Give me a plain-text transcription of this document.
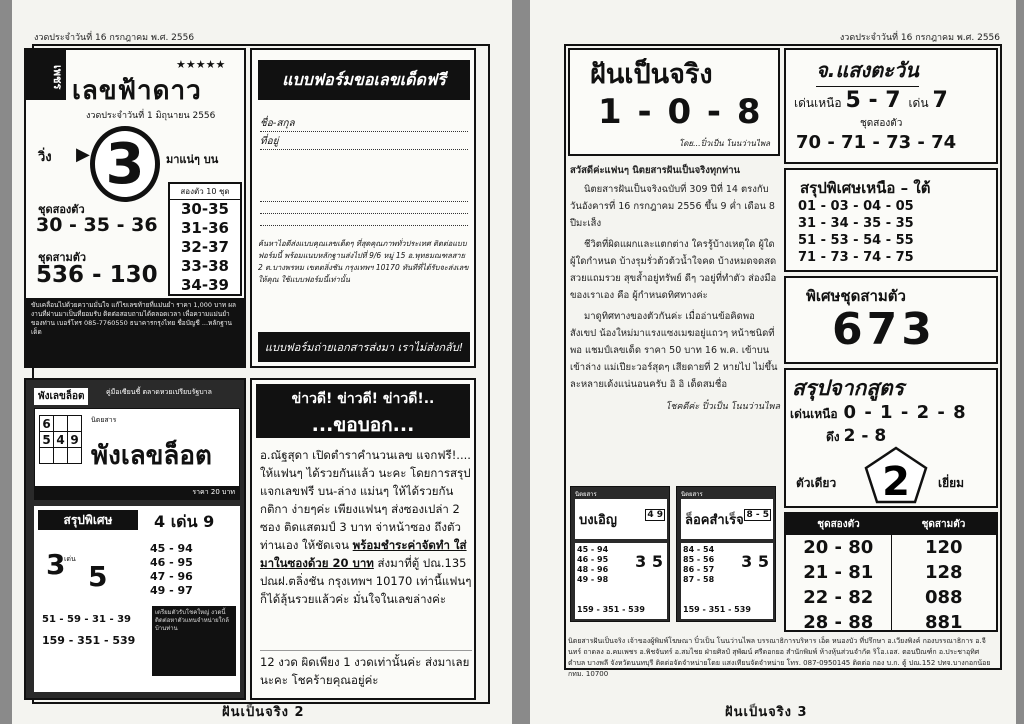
งวดประจำวันที่ 16 กรกฎาคม พ.ศ. 2556
เพชร
★★★★★
เลขฟ้าดาว
งวดประจำวันที่ 1 มิถุนายน 2556
วิ่ง ▶ 3	มาแน่ๆ บน
สองตัว 10 ชุด
30-35
31-36
32-37
33-38
34-39
ชุดสองตัว
30 - 35 - 36
ชุดสามตัว
536 - 130
ขับเคลื่อนไปด้วยความมั่นใจ แก้ไขเลขท้ายที่แม่นยำ ราคา 1,000 บาท ผลงานที่ผ่านมาเป็นที่ยอมรับ ติดต่อสอบถามได้ตลอดเวลา เพื่อความแม่นยำของท่าน เบอร์โทร 085-7760550 ธนาคารกรุงไทย ชื่อบัญชี ...หลักฐานเด็ด
แบบฟอร์มขอเลขเด็ดฟรี
ชื่อ-สกุล
ที่อยู่
ค้นหาไอดีส่งแบบคุณเลขเด็ดๆ ที่สุดคุณภาพทั่วประเทศ ติดต่อแบบฟอร์มนี้ พร้อมแนบหลักฐานส่งไปที่ 9/6 หมู่ 15 อ.พุทธมณฑลสาย 2 ต.บางพรหม เขตตลิ่งชัน กรุงเทพฯ 10170 ทันทีที่ได้รับจะส่งเลขให้คุณ ใช้แบบฟอร์มนี้เท่านั้น
แบบฟอร์มถ่ายเอกสารส่งมา เราไม่ส่งกลับ!
พังเลขล็อต	คู่มือเซียนชี้ ตลาดหวยเปรียบรัฐบาล
6		
5	4	9

นิตยสาร
พังเลขล็อต
ราคา 20 บาท
สรุปพิเศษ
3
เด่น
5
4 เด่น 9
45 - 94
46 - 95
47 - 96
49 - 97
51 - 59 - 31 - 39
159 - 351 - 539
เตรียมตัวรับโชคใหญ่ งวดนี้ติดต่อหาตัวแทนจำหน่ายใกล้บ้านท่าน
ข่าวดี! ข่าวดี! ข่าวดี!..
...ขอบอก...
อ.ณัฐสุดา เปิดตำราคำนวนเลข แจกฟรี!.... ให้แฟนๆ ได้รวยกันแล้ว นะคะ โดยการสรุปแจกเลขฟรี บน-ล่าง แม่นๆ ให้ได้รวยกัน กติกา ง่ายๆค่ะ เพียงแฟนๆ ส่งซองเปล่า 2 ซอง ติดแสตมป์ 3 บาท จ่าหน้าซอง ถึงตัวท่านเอง ให้ชัดเจน พร้อมชำระค่าจัดทำ ใส่มาในซองด้วย 20 บาท ส่งมาที่ตู้ ปณ.135 ปณฝ.ตลิ่งชัน กรุงเทพฯ 10170 เท่านี้แฟนๆ ก็ได้ลุ้นรวยแล้วค่ะ มั่นใจในเลขล่างค่ะ
12 งวด ผิดเพียง 1 งวดเท่านั้นค่ะ ส่งมาเลยนะคะ โชคร้ายคุณอยู่ค่ะ
ฝันเป็นจริง 2
งวดประจำวันที่ 16 กรกฎาคม พ.ศ. 2556
ฝันเป็นจริง
1 - 0 - 8
โดย...ปิ๋วเป็น โนนว่านไพล
จ.แสงตะวัน
เด่นเหนือ 5 - 7 เด่น 7
ชุดสองตัว
70 - 71 - 73 - 74
สวัสดีค่ะแฟนๆ นิตยสารฝันเป็นจริงทุกท่าน

นิตยสารฝันเป็นจริงฉบับที่ 309 ปีที่ 14 ตรงกับวันอังคารที่ 16 กรกฎาคม 2556 ขึ้น 9 ค่ำ เดือน 8 ปีมะเส็ง

ชีวิตที่ผิดแผกและแตกต่าง ใครรู้บ้างเหตุใด ผู้ใดผู้ใดกำหนด บ้างรุมรั่วต้วต้วน้ำใจคด บ้างหมดจดสดสวยแถมรวย สุขล้ำอยู่ทรัพย์ ดีๆ วอยู่ที่ทำตัว ส่องมือของเราเอง คือ ผู้กำหนดทิศทางค่ะ

มาดูทิศทางของตัวกันค่ะ เมื่ออ่านข้อคิดพอสังเขป น้องใหม่มาแรงแซงเมฆอยู่แถวๆ หน้าชนิดที่พอ แชมป์เลขเด็ด ราคา 50 บาท 16 พ.ค. เข้าบนเข้าล่าง แม่เปียะวอร์สุดๆ เสียดายที่ 2 หายไป ไม่ขึ้นละหลายเด้งแน่นอนครับ อิ อิ เด็ดสมชื่อ

โชคดีค่ะ ปิ๋วเป็น โนนว่านไพล
สรุปพิเศษเหนือ – ใต้
01 - 03 - 04 - 05
31 - 34 - 35 - 35
51 - 53 - 54 - 55
71 - 73 - 74 - 75
พิเศษชุดสามตัว
673
สรุปจากสูตร
เด่นเหนือ 0 - 1 - 2 - 8
ดึง 2 - 8
ตัวเดียว 2 เยี่ยม
นิตยสาร
บงเอิญ	4 9
45 - 94
46 - 95
48 - 96
49 - 98
3 5
159 - 351 - 539
นิตยสาร
ล็อคสำเร็จ 8 - 5
84 - 54
85 - 56
86 - 57
87 - 58
3 5
159 - 351 - 539
ชุดสองตัว	ชุดสามตัว
20 - 80	120
21 - 81	128
22 - 82	088
28 - 88	881
นิตยสารฝันเป็นจริง เจ้าของผู้พิมพ์โฆษณา ปิ๋วเป็น โนนว่านไพล บรรณาธิการบริหาร เอ็ด หนองบัว ที่ปรึกษา อ.เวียงพิงค์ กองบรรณาธิการ อ.จีนทร์ ถาดลง อ.คมเพชร อ.พิชจันทร์ อ.สมไชย ฝ่ายศิลป์ สุพัฒน์ ศรีดอกยอ สำนักพิมพ์ ห้างหุ้นส่วนจำกัด ริโอ.เอส. ตอนปีณฑ์ก อ.ประชาอุทิศ ตำบล บางพลี จังหวัดนนทบุรี ติดต่อจัดจำหน่ายโดย แสงเทียนจัดจำหน่าย โทร. 087-0950145 ติดต่อ กอง บ.ก. ตู้ ปณ.152 ปทจ.บางกอกน้อย กทม. 10700
ฝันเป็นจริง 3
